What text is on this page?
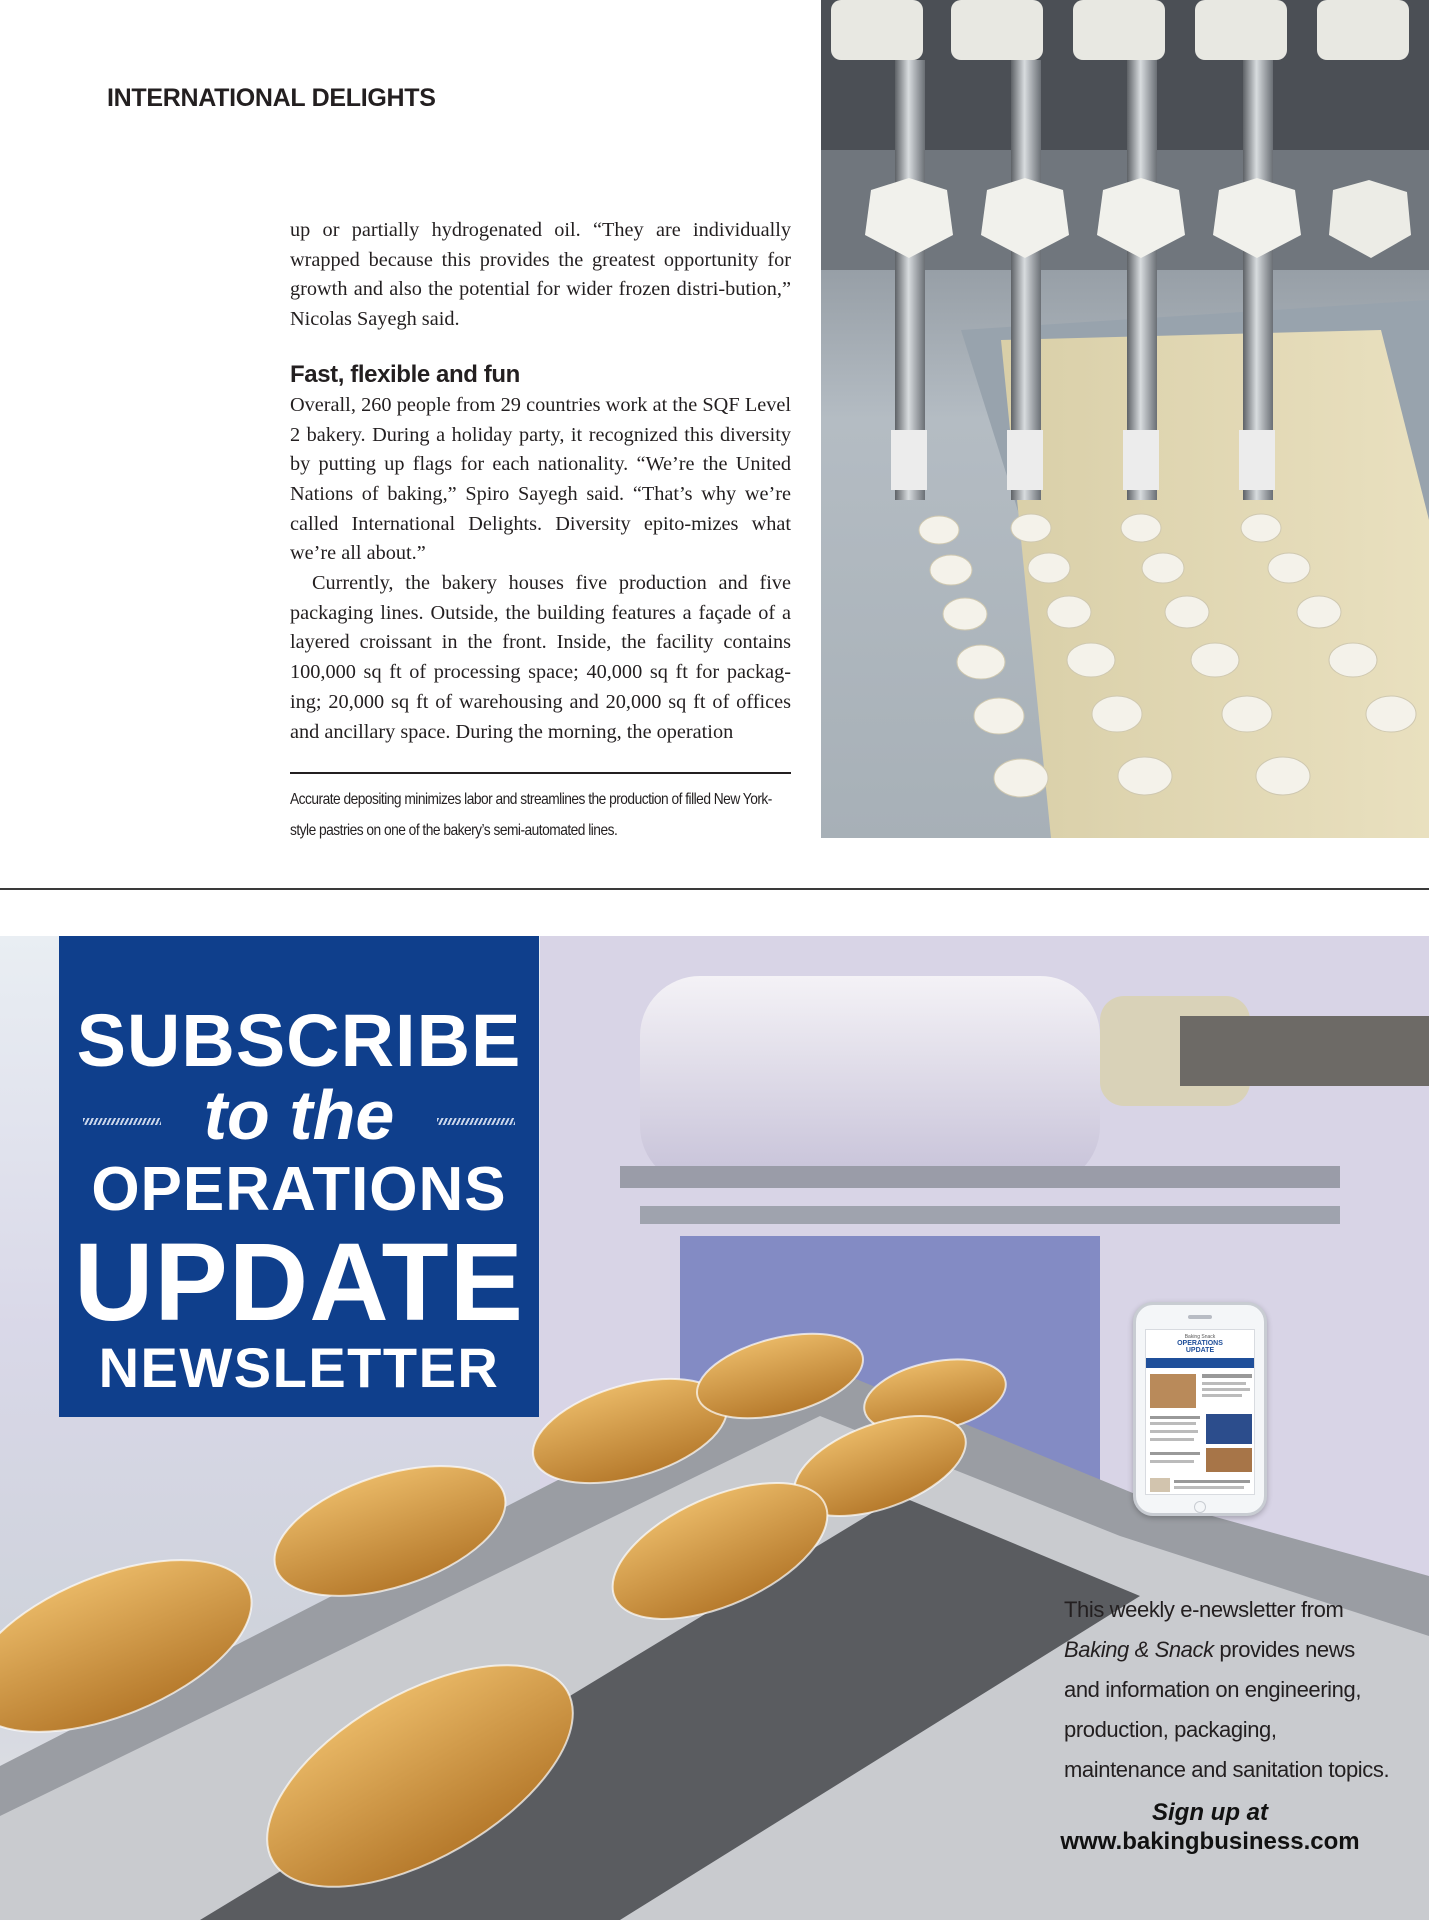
INTERNATIONAL DELIGHTS

up or partially hydrogenated oil. “They are individually wrapped because this provides the greatest opportunity for growth and also the potential for wider frozen distri-bution,” Nicolas Sayegh said.

Fast, flexible and fun

Overall, 260 people from 29 countries work at the SQF Level 2 bakery. During a holiday party, it recognized this diversity by putting up flags for each nationality. “We’re the United Nations of baking,” Spiro Sayegh said. “That’s why we’re called International Delights. Diversity epito-mizes what we’re all about.”

Currently, the bakery houses five production and five packaging lines. Outside, the building features a façade of a layered croissant in the front. Inside, the facility contains 100,000 sq ft of processing space; 40,000 sq ft for packag-ing; 20,000 sq ft of warehousing and 20,000 sq ft of offices and ancillary space. During the morning, the operation

Accurate depositing minimizes labor and streamlines the production of filled New York-style pastries on one of the bakery’s semi-automated lines.
SUBSCRIBE
to the
OPERATIONS
UPDATE
NEWSLETTER	Baking Snack
OPERATIONS
UPDATE
This weekly e-newsletter from
Baking & Snack provides news
and information on engineering,
production, packaging,
maintenance and sanitation topics.
Sign up at
www.bakingbusiness.com
